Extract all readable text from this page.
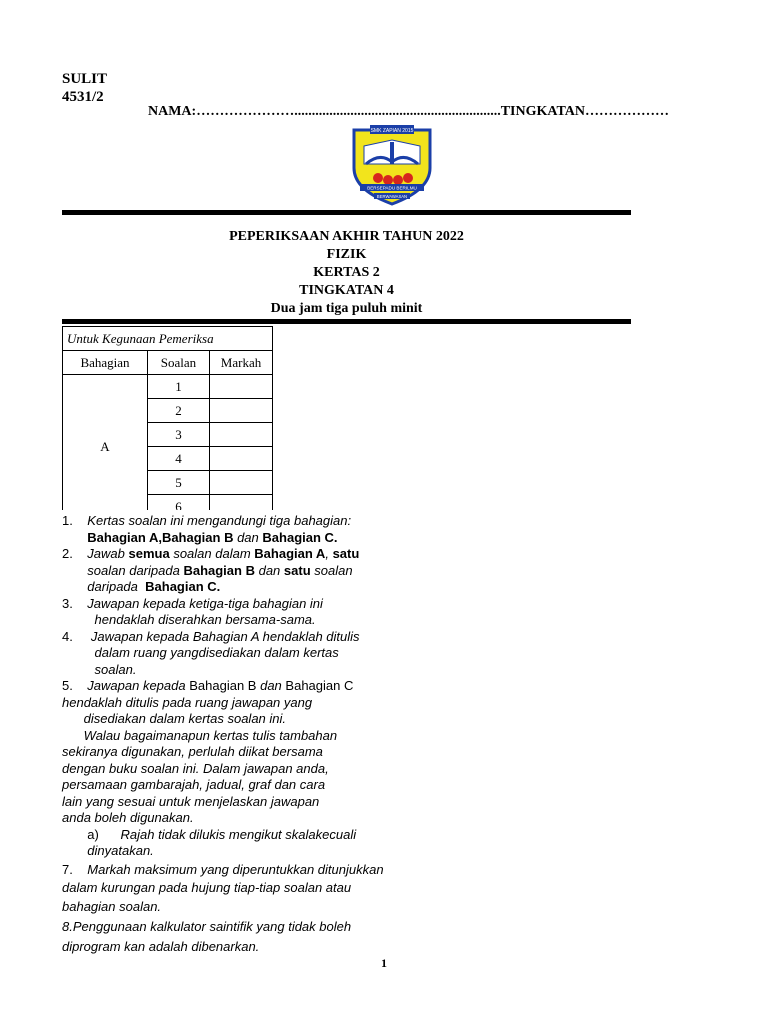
SULIT
4531/2
NAMA:…………………...........................................................TINGKATAN………………
SMK ZAPIAN 2015
BERSEPADU BERILMU
BERWAWASAN
PEPERIKSAAN AKHIR TAHUN 2022
FIZIK
KERTAS 2
TINGKATAN 4
Dua jam tiga puluh minit
Untuk Kegunaan Pemeriksa		
Bahagian	Soalan	Markah
A	1	
	2	
	3	
	4	
	5	
	6	

1. Kertas soalan ini mengandungi tiga bahagian:

Bahagian A,Bahagian B dan Bahagian C.

2. Jawab semua soalan dalam Bahagian A, satu

soalan daripada Bahagian B dan satu soalan

daripada Bahagian C.

3. Jawapan kepada ketiga-tiga bahagian ini

hendaklah diserahkan bersama-sama.

4. Jawapan kepada Bahagian A hendaklah ditulis

dalam ruang yangdisediakan dalam kertas

soalan.

5. Jawapan kepada Bahagian B dan Bahagian C

hendaklah ditulis pada ruang jawapan yang

disediakan dalam kertas soalan ini.

Walau bagaimanapun kertas tulis tambahan

sekiranya digunakan, perlulah diikat bersama

dengan buku soalan ini. Dalam jawapan anda,

persamaan gambarajah, jadual, graf dan cara

lain yang sesuai untuk menjelaskan jawapan

anda boleh digunakan.

a) Rajah tidak dilukis mengikut skalakecuali

dinyatakan.

7. Markah maksimum yang diperuntukkan ditunjukkan

dalam kurungan pada hujung tiap-tiap soalan atau

bahagian soalan.

8.Penggunaan kalkulator saintifik yang tidak boleh

diprogram kan adalah dibenarkan.

1
